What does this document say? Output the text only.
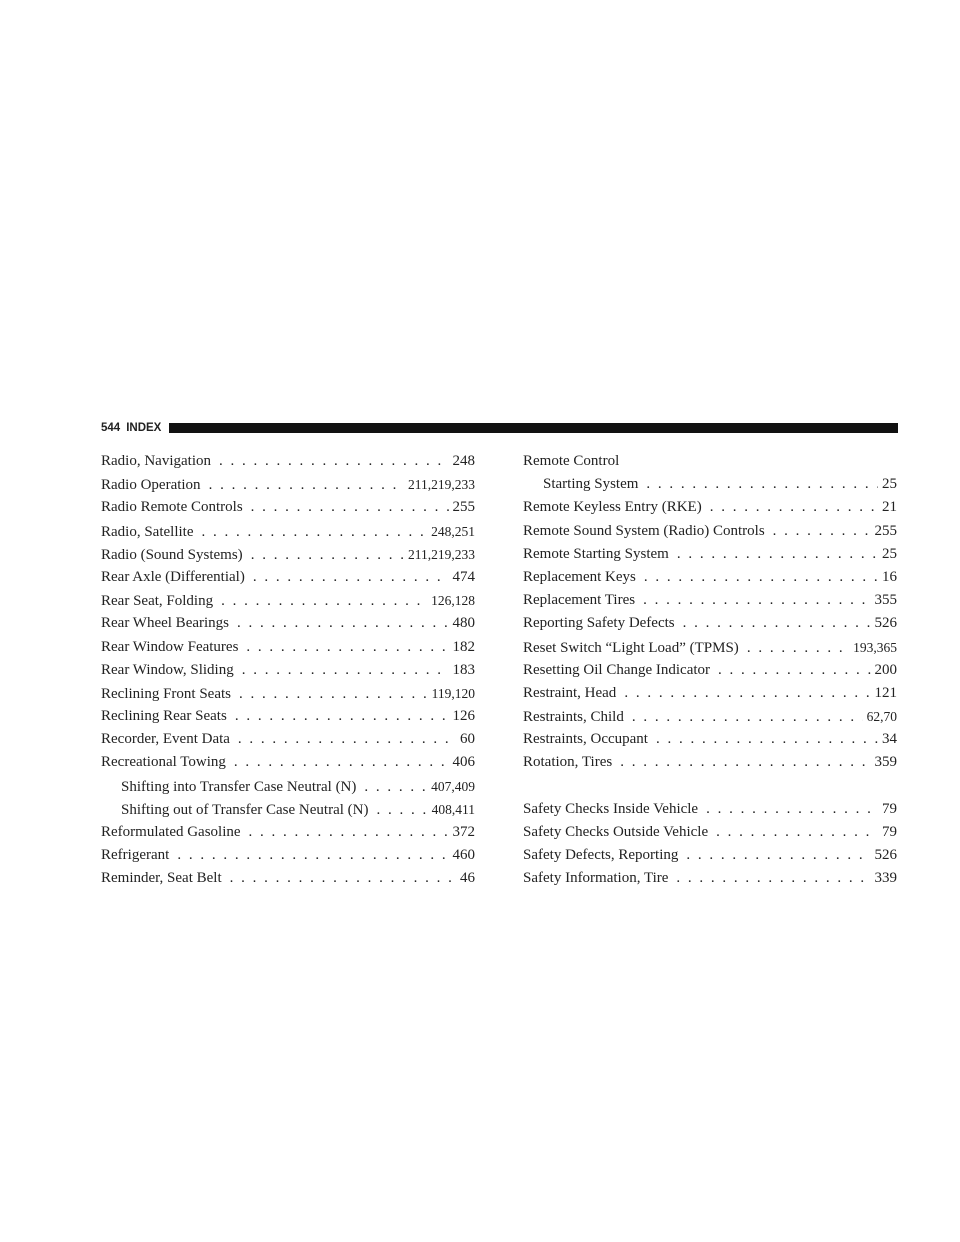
544 INDEX
Radio, Navigation . . .	248
Radio Operation . . .	211,219,233
Radio Remote Controls . . .	255
Radio, Satellite . . .	248,251
Radio (Sound Systems) . . .	211,219,233
Rear Axle (Differential) . . .	474
Rear Seat, Folding . . .	126,128
Rear Wheel Bearings . . .	480
Rear Window Features . . .	182
Rear Window, Sliding . . .	183
Reclining Front Seats . . .	119,120
Reclining Rear Seats . . .	126
Recorder, Event Data . . .	60
Recreational Towing . . .	406
Shifting into Transfer Case Neutral (N) . . .	407,409
Shifting out of Transfer Case Neutral (N) . . .	408,411
Reformulated Gasoline . . .	372
Refrigerant . . .	460
Reminder, Seat Belt . . .	46
Remote Control
Starting System . . .	25
Remote Keyless Entry (RKE) . . .	21
Remote Sound System (Radio) Controls . . .	255
Remote Starting System . . .	25
Replacement Keys . . .	16
Replacement Tires . . .	355
Reporting Safety Defects . . .	526
Reset Switch “Light Load” (TPMS) . . .	193,365
Resetting Oil Change Indicator . . .	200
Restraint, Head . . .	121
Restraints, Child . . .	62,70
Restraints, Occupant . . .	34
Rotation, Tires . . .	359
Safety Checks Inside Vehicle . . .	79
Safety Checks Outside Vehicle . . .	79
Safety Defects, Reporting . . .	526
Safety Information, Tire . . .	339
